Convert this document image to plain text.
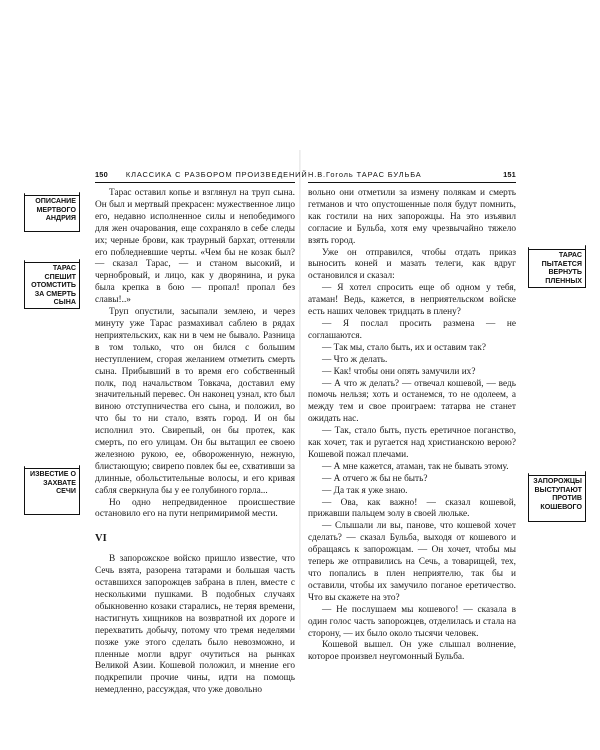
150 КЛАССИКА С РАЗБОРОМ ПРОИЗВЕДЕНИЙ
ОПИСАНИЕ МЕРТВОГО АНДРИЯ
ТАРАС СПЕШИТ ОТОМСТИТЬ ЗА СМЕРТЬ СЫНА
ИЗВЕСТИЕ О ЗАХВАТЕ СЕЧИ

Тарас оставил копье и взглянул на труп сына. Он был и мертвый прекрасен: мужественное лицо его, недавно исполненное силы и непобедимого для жен очарования, еще сохраняло в себе следы их; черные брови, как траурный бархат, оттеняли его побледневшие черты. «Чем бы не козак был? — сказал Тарас, — и станом высокий, и чернобровый, и лицо, как у дворянина, и рука была крепка в бою — пропал! пропал без славы!..»

Труп опустили, засыпали землею, и через минуту уже Тарас размахивал саблею в рядах неприятельских, как ни в чем не бывало. Разница в том только, что он бился с большим неступлением, сгорая желанием отметить смерть сына. Прибывший в то время его собственный полк, под начальством Товкача, доставил ему значительный перевес. Он наконец узнал, кто был виною отступничества его сына, и положил, во что бы то ни стало, взять город. И он бы исполнил это. Свирепый, он бы протек, как смерть, по его улицам. Он бы вытащил ее своею железною рукою, ее, обвороженную, нежную, блистающую; свирепо повлек бы ее, схвативши за длинные, обольстительные волосы, и его кривая сабля сверкнула бы у ее голубиного горла...

Но одно непредвиденное происшествие остановило его на пути непримиримой мести.

VI

В запорожское войско пришло известие, что Сечь взята, разорена татарами и большая часть оставшихся запорожцев забрана в плен, вместе с несколькими пушками. В подобных случаях обыкновенно козаки старались, не теряя времени, настигнуть хищников на возвратной их дороге и перехватить добычу, потому что тремя неделями позже уже этого сделать было невозможно, и пленные могли вдруг очутиться на рынках Великой Азии. Кошевой положил, и мнение его подкрепили прочие чины, идти на помощь немедленно, рассуждая, что уже довольно

Н.В.Гоголь ТАРАС БУЛЬБА	151

вольно они отметили за измену полякам и смерть гетманов и что опустошенные поля будут помнить, как гостили на них запорожцы. На это изъявил согласие и Бульба, хотя ему чрезвычайно тяжело взять город.

Уже он отправился, чтобы отдать приказ выносить коней и мазать телеги, как вдруг остановился и сказал:

— Я хотел спросить еще об одном у тебя, атаман! Ведь, кажется, в неприятельском войске есть наших человек тридцать в плену?

— Я послал просить размена — не соглашаются.

— Так мы, стало быть, их и оставим так?

— Что ж делать.

— Как! чтобы они опять замучили их?

— А что ж делать? — отвечал кошевой, — ведь помочь нельзя; хоть и останемся, то не одолеем, а между тем и свое проиграем: татарва не станет ожидать нас.

— Так, стало быть, пусть еретичное поганство, как хочет, так и ругается над христианскою верою? Кошевой пожал плечами.

— А мне кажется, атаман, так не бывать этому.

— А отчего ж бы не быть?

— Да так я уже знаю.

— Ова, как важно! — сказал кошевой, прижавши пальцем золу в своей люльке.

— Слышали ли вы, панове, что кошевой хочет сделать? — сказал Бульба, выходя от кошевого и обращаясь к запорожцам. — Он хочет, чтобы мы теперь же отправились на Сечь, а товарищей, тех, что попались в плен неприятелю, так бы и оставили, чтобы их замучило поганое еретичество. Что вы скажете на это?

— Не послушаем мы кошевого! — сказала в один голос часть запорожцев, отделилась и стала на сторону, — их было около тысячи человек.

Кошевой вышел. Он уже слышал волнение, которое произвел неугомонный Бульба.

ТАРАС ПЫТАЕТСЯ ВЕРНУТЬ ПЛЕННЫХ
ЗАПОРОЖЦЫ ВЫСТУПАЮТ ПРОТИВ КОШЕВОГО
